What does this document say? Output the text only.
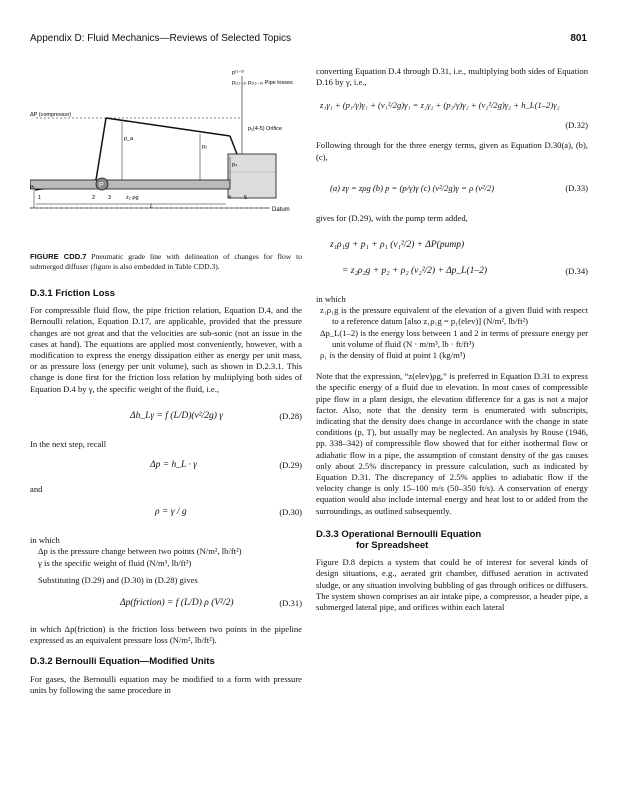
Appendix D: Fluid Mechanics—Reviews of Selected Topics	801
P
Datum
p⁽¹⁻²⁾
p₁₍₁₋₃₎ p₁₍₃₋₄₎ Pipe losses
ΔP (compressor)
p₁(4-5) Orifice
p_a
p₂
p₃
p₁
1	2 3	z₂ ρg	4 5
L

FIGURE CDD.7 Pneumatic grade line with delineation of changes for flow to submerged diffuser (figure is also embedded in Table CDD.3).

D.3.1 Friction Loss

For compressible fluid flow, the pipe friction relation, Equation D.4, and the Bernoulli relation, Equation D.17, are applicable, provided that the pressure changes are not great and that the velocities are sub-sonic (not an issue in the cases at hand). The equations are applied most conveniently, however, with a modification to express the energy dissipation either as energy per unit mass, or as pressure loss (energy per unit volume), such as shown in D.2.3.1. This change is done first for the friction loss relation by multiplying both sides of Equation D.4 by γ, the specific weight of the fluid, i.e.,

Δh_Lγ = f (L/D)(v²/2g) γ	(D.28)

In the next step, recall

Δp = h_L · γ	(D.29)

and

ρ = γ / g	(D.30)

in which

Δp is the pressure change between two points (N/m², lb/ft²)

γ is the specific weight of fluid (N/m³, lb/ft³)

Substituting (D.29) and (D.30) in (D.28) gives

Δp(friction) = f (L/D) ρ (V²/2)	(D.31)

in which Δp(friction) is the friction loss between two points in the pipeline expressed as an equivalent pressure loss (N/m², lb/ft²).

D.3.2 Bernoulli Equation—Modified Units

For gases, the Bernoulli equation may be modified to a form with pressure units by following the same procedure in

converting Equation D.4 through D.31, i.e., multiplying both sides of Equation D.16 by γ, i.e.,

z₁γ₁ + (p₁/γ)γ₁ + (v₁²/2g)γ₁ = z₂γ₂ + (p₂/γ)γ₂ + (v₂²/2g)γ₂ + h_L(1–2)γ₂
(D.32)

Following through for the three energy terms, given as Equation D.30(a), (b), (c),

(a) zγ = zρg (b) p = (p/γ)γ (c) (v²/2g)γ = ρ (v²/2)	(D.33)

gives for (D.29), with the pump term added,

z₁ρ₁g + p₁ + ρ₁ (v₁²/2) + ΔP(pump)
= z₂ρ₂g + p₂ + ρ₂ (v₂²/2) + Δp_L(1–2)	(D.34)

in which

z₁ρ₁g is the pressure equivalent of the elevation of a given fluid with respect to a reference datum [also z₁ρ₁g = p₁(elev)] (N/m², lb/ft²)

Δp_L(1–2) is the energy loss between 1 and 2 in terms of pressure energy per unit volume of fluid (N · m/m³, lb · ft/ft³)

ρ₁ is the density of fluid at point 1 (kg/m³)

Note that the expression, “z(elev)ρg,” is preferred in Equation D.31 to express the specific energy of a fluid due to elevation. In most cases of compressible pipe flow in a plant design, the elevation difference for a gas is not a major factor. Also, note that the density term is enumerated with subscripts, indicating that the density does change in accordance with the change in state conditions (p, T), but usually may be neglected. An analysis by Rouse (1946, pp. 338–342) of compressible flow showed that for either isothermal flow or adiabatic flow in a pipe, the assumption of constant density of the gas causes only about 2.5% discrepancy in pressure calculation, such as indicated by Equation D.31. The discrepancy of 2.5% applies to adiabatic flow if the velocity change is only 15–100 m/s (50–350 ft/s). A conservation of energy equation would also include internal energy and heat lost to or added from the surroundings, as outlined subsequently.

D.3.3 Operational Bernoulli Equation

for Spreadsheet

Figure D.8 depicts a system that could be of interest for several kinds of design situations, e.g., aerated grit chamber, diffused aeration in activated sludge, or any situation involving bubbling of gas through orifices or diffusers. The system shown comprises an air intake pipe, a compressor, a header pipe, a submerged lateral pipe, and orifices within each lateral
